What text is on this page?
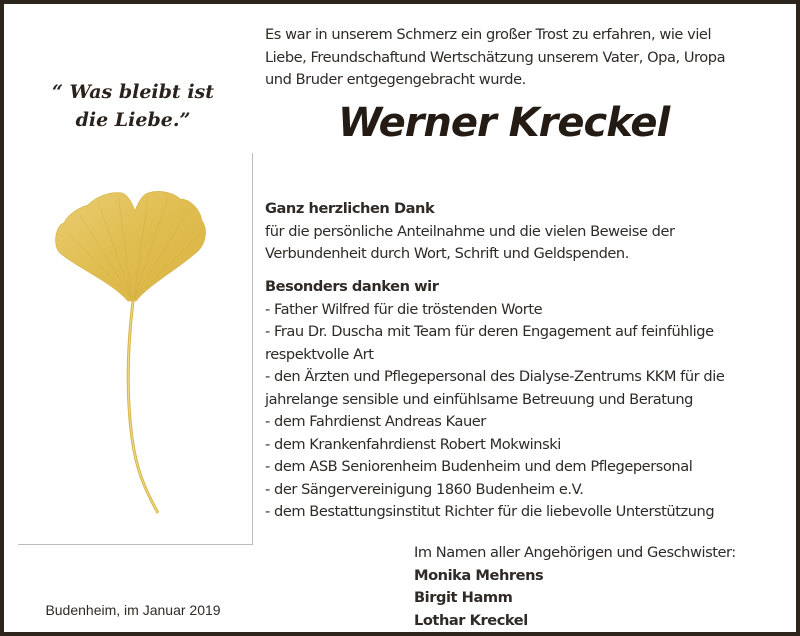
“ Was bleibt ist
die Liebe.”
Budenheim, im Januar 2019

Es war in unserem Schmerz ein großer Trost zu erfahren, wie viel

Liebe, Freundschaftund Wertschätzung unserem Vater, Opa, Uropa

und Bruder entgegengebracht wurde.

Werner Kreckel

Ganz herzlichen Dank

für die persönliche Anteilnahme und die vielen Beweise der

Verbundenheit durch Wort, Schrift und Geldspenden.

Besonders danken wir

- Father Wilfred für die tröstenden Worte

- Frau Dr. Duscha mit Team für deren Engagement auf feinfühlige

respektvolle Art

- den Ärzten und Pflegepersonal des Dialyse-Zentrums KKM für die

jahrelange sensible und einfühlsame Betreuung und Beratung

- dem Fahrdienst Andreas Kauer

- dem Krankenfahrdienst Robert Mokwinski

- dem ASB Seniorenheim Budenheim und dem Pflegepersonal

- der Sängervereinigung 1860 Budenheim e.V.

- dem Bestattungsinstitut Richter für die liebevolle Unterstützung

Im Namen aller Angehörigen und Geschwister:

Monika Mehrens

Birgit Hamm

Lothar Kreckel
